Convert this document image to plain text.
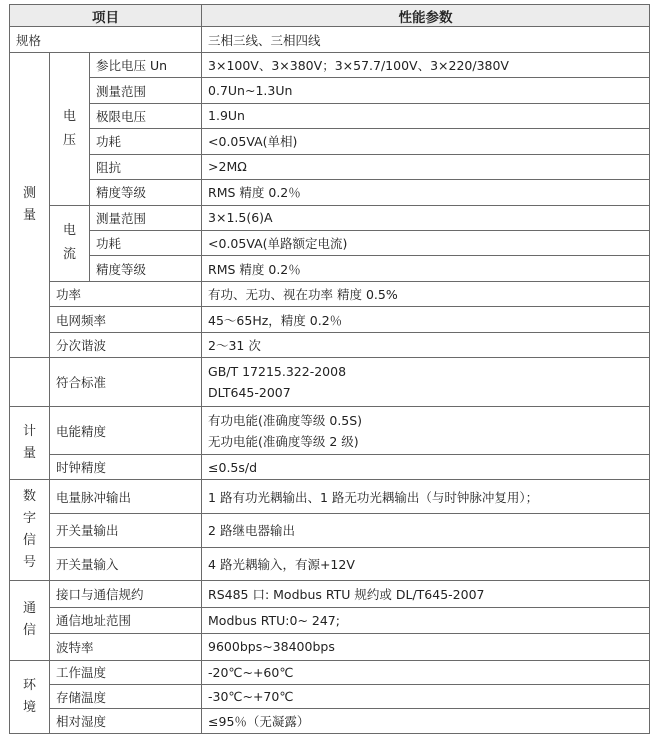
项目			性能参数
规格			三相三线、三相四线
测量	电压	参比电压 Un	3×100V、3×380V；3×57.7/100V、3×220/380V
		测量范围	0.7Un~1.3Un
		极限电压	1.9Un
		功耗	<0.05VA(单相)
		阻抗	>2MΩ
		精度等级	RMS 精度 0.2％
	电流	测量范围	3×1.5(6)A
		功耗	<0.05VA(单路额定电流)
		精度等级	RMS 精度 0.2％
	功率		有功、无功、视在功率 精度 0.5%
	电网频率		45～65Hz，精度 0.2％
	分次谐波		2～31 次
	符合标准		GB/T 17215.322-2008
DLT645-2007

计量	电能精度		有功电能(准确度等级 0.5S)
无功电能(准确度等级 2 级)

	时钟精度		≤0.5s/d
数字信号	电量脉冲输出		1 路有功光耦输出、1 路无功光耦输出（与时钟脉冲复用）；
	开关量输出		2 路继电器输出
	开关量输入		4 路光耦输入，有源+12V
通信	接口与通信规约		RS485 口: Modbus RTU 规约或 DL/T645-2007
	通信地址范围		Modbus RTU:0~ 247;
	波特率		9600bps~38400bps
环境	工作温度		-20℃~+60℃
	存储温度		-30℃~+70℃
	相对湿度		≤95％（无凝露）
